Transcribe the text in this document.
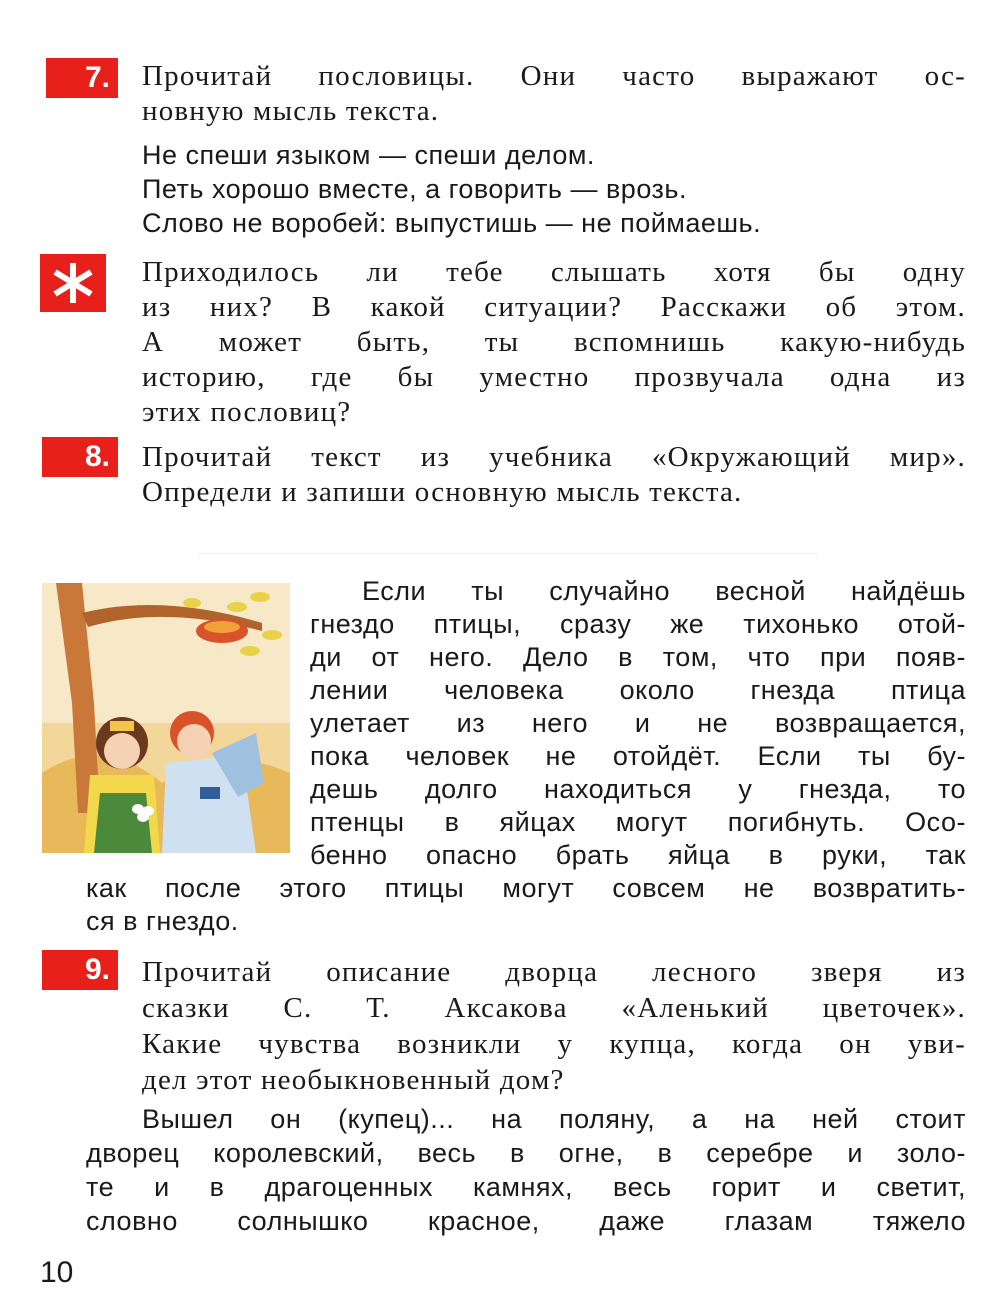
7. Прочитай пословицы. Они часто выражают ос-
новную мысль текста.
Не спеши языком — спеши делом.
Петь хорошо вместе, а говорить — врозь.
Слово не воробей: выпустишь — не поймаешь.
Приходилось ли тебе слышать хотя бы одну
из них? В какой ситуации? Расскажи об этом.
А может быть, ты вспомнишь какую-нибудь
историю, где бы уместно прозвучала одна из
этих пословиц?
8. Прочитай текст из учебника «Окружающий мир».
Определи и запиши основную мысль текста.
Если ты случайно весной найдёшь
гнездо птицы, сразу же тихонько отой-
ди от него. Дело в том, что при появ-
лении человека около гнезда птица
улетает из него и не возвращается,
пока человек не отойдёт. Если ты бу-
дешь долго находиться у гнезда, то
птенцы в яйцах могут погибнуть. Осо-
бенно опасно брать яйца в руки, так
как после этого птицы могут совсем не возвратить-
ся в гнездо.
9. Прочитай описание дворца лесного зверя из
сказки С. Т. Аксакова «Аленький цветочек».
Какие чувства возникли у купца, когда он уви-
дел этот необыкновенный дом?
Вышел он (купец)... на поляну, а на ней стоит
дворец королевский, весь в огне, в серебре и золо-
те и в драгоценных камнях, весь горит и светит,
словно солнышко красное, даже глазам тяжело
10
